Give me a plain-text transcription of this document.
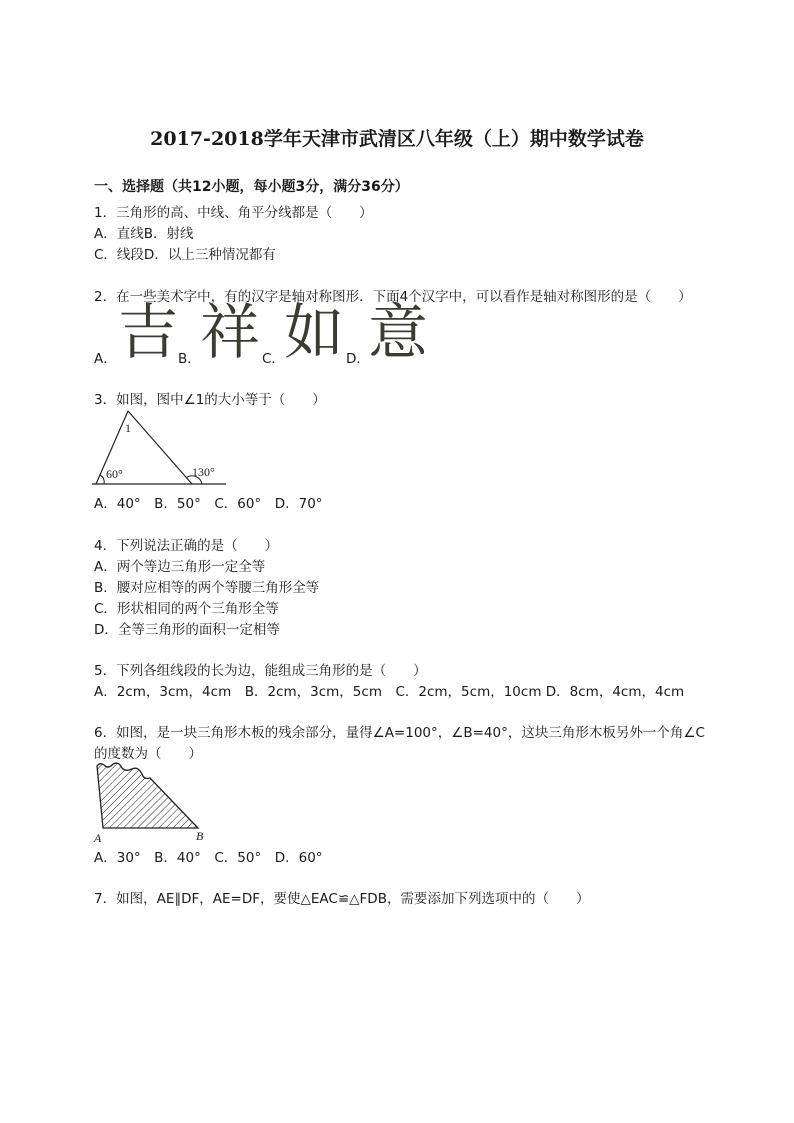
2017-2018学年天津市武清区八年级（上）期中数学试卷
一、选择题（共12小题，每小题3分，满分36分）
1．三角形的高、中线、角平分线都是（　　）
A．直线B．射线
C．线段D．以上三种情况都有
2．在一些美术字中，有的汉字是轴对称图形．下面4个汉字中，可以看作是轴对称图形的是（　　）
A． 吉 B． 祥 C． 如 D．
意
3．如图，图中∠1的大小等于（　　）
1
60°	130°
A．40°　B．50°　C．60°　D．70°
4．下列说法正确的是（　　）
A．两个等边三角形一定全等
B．腰对应相等的两个等腰三角形全等
C．形状相同的两个三角形全等
D．全等三角形的面积一定相等
5．下列各组线段的长为边，能组成三角形的是（　　）
A．2cm，3cm，4cm　B．2cm，3cm，5cm　C．2cm，5cm，10cm D．8cm，4cm，4cm
6．如图，是一块三角形木板的残余部分，量得∠A=100°，∠B=40°，这块三角形木板另外一个角∠C
的度数为（　　）
A	B
A．30°　B．40°　C．50°　D．60°
7．如图，AE∥DF，AE=DF，要使△EAC≌△FDB，需要添加下列选项中的（　　）
